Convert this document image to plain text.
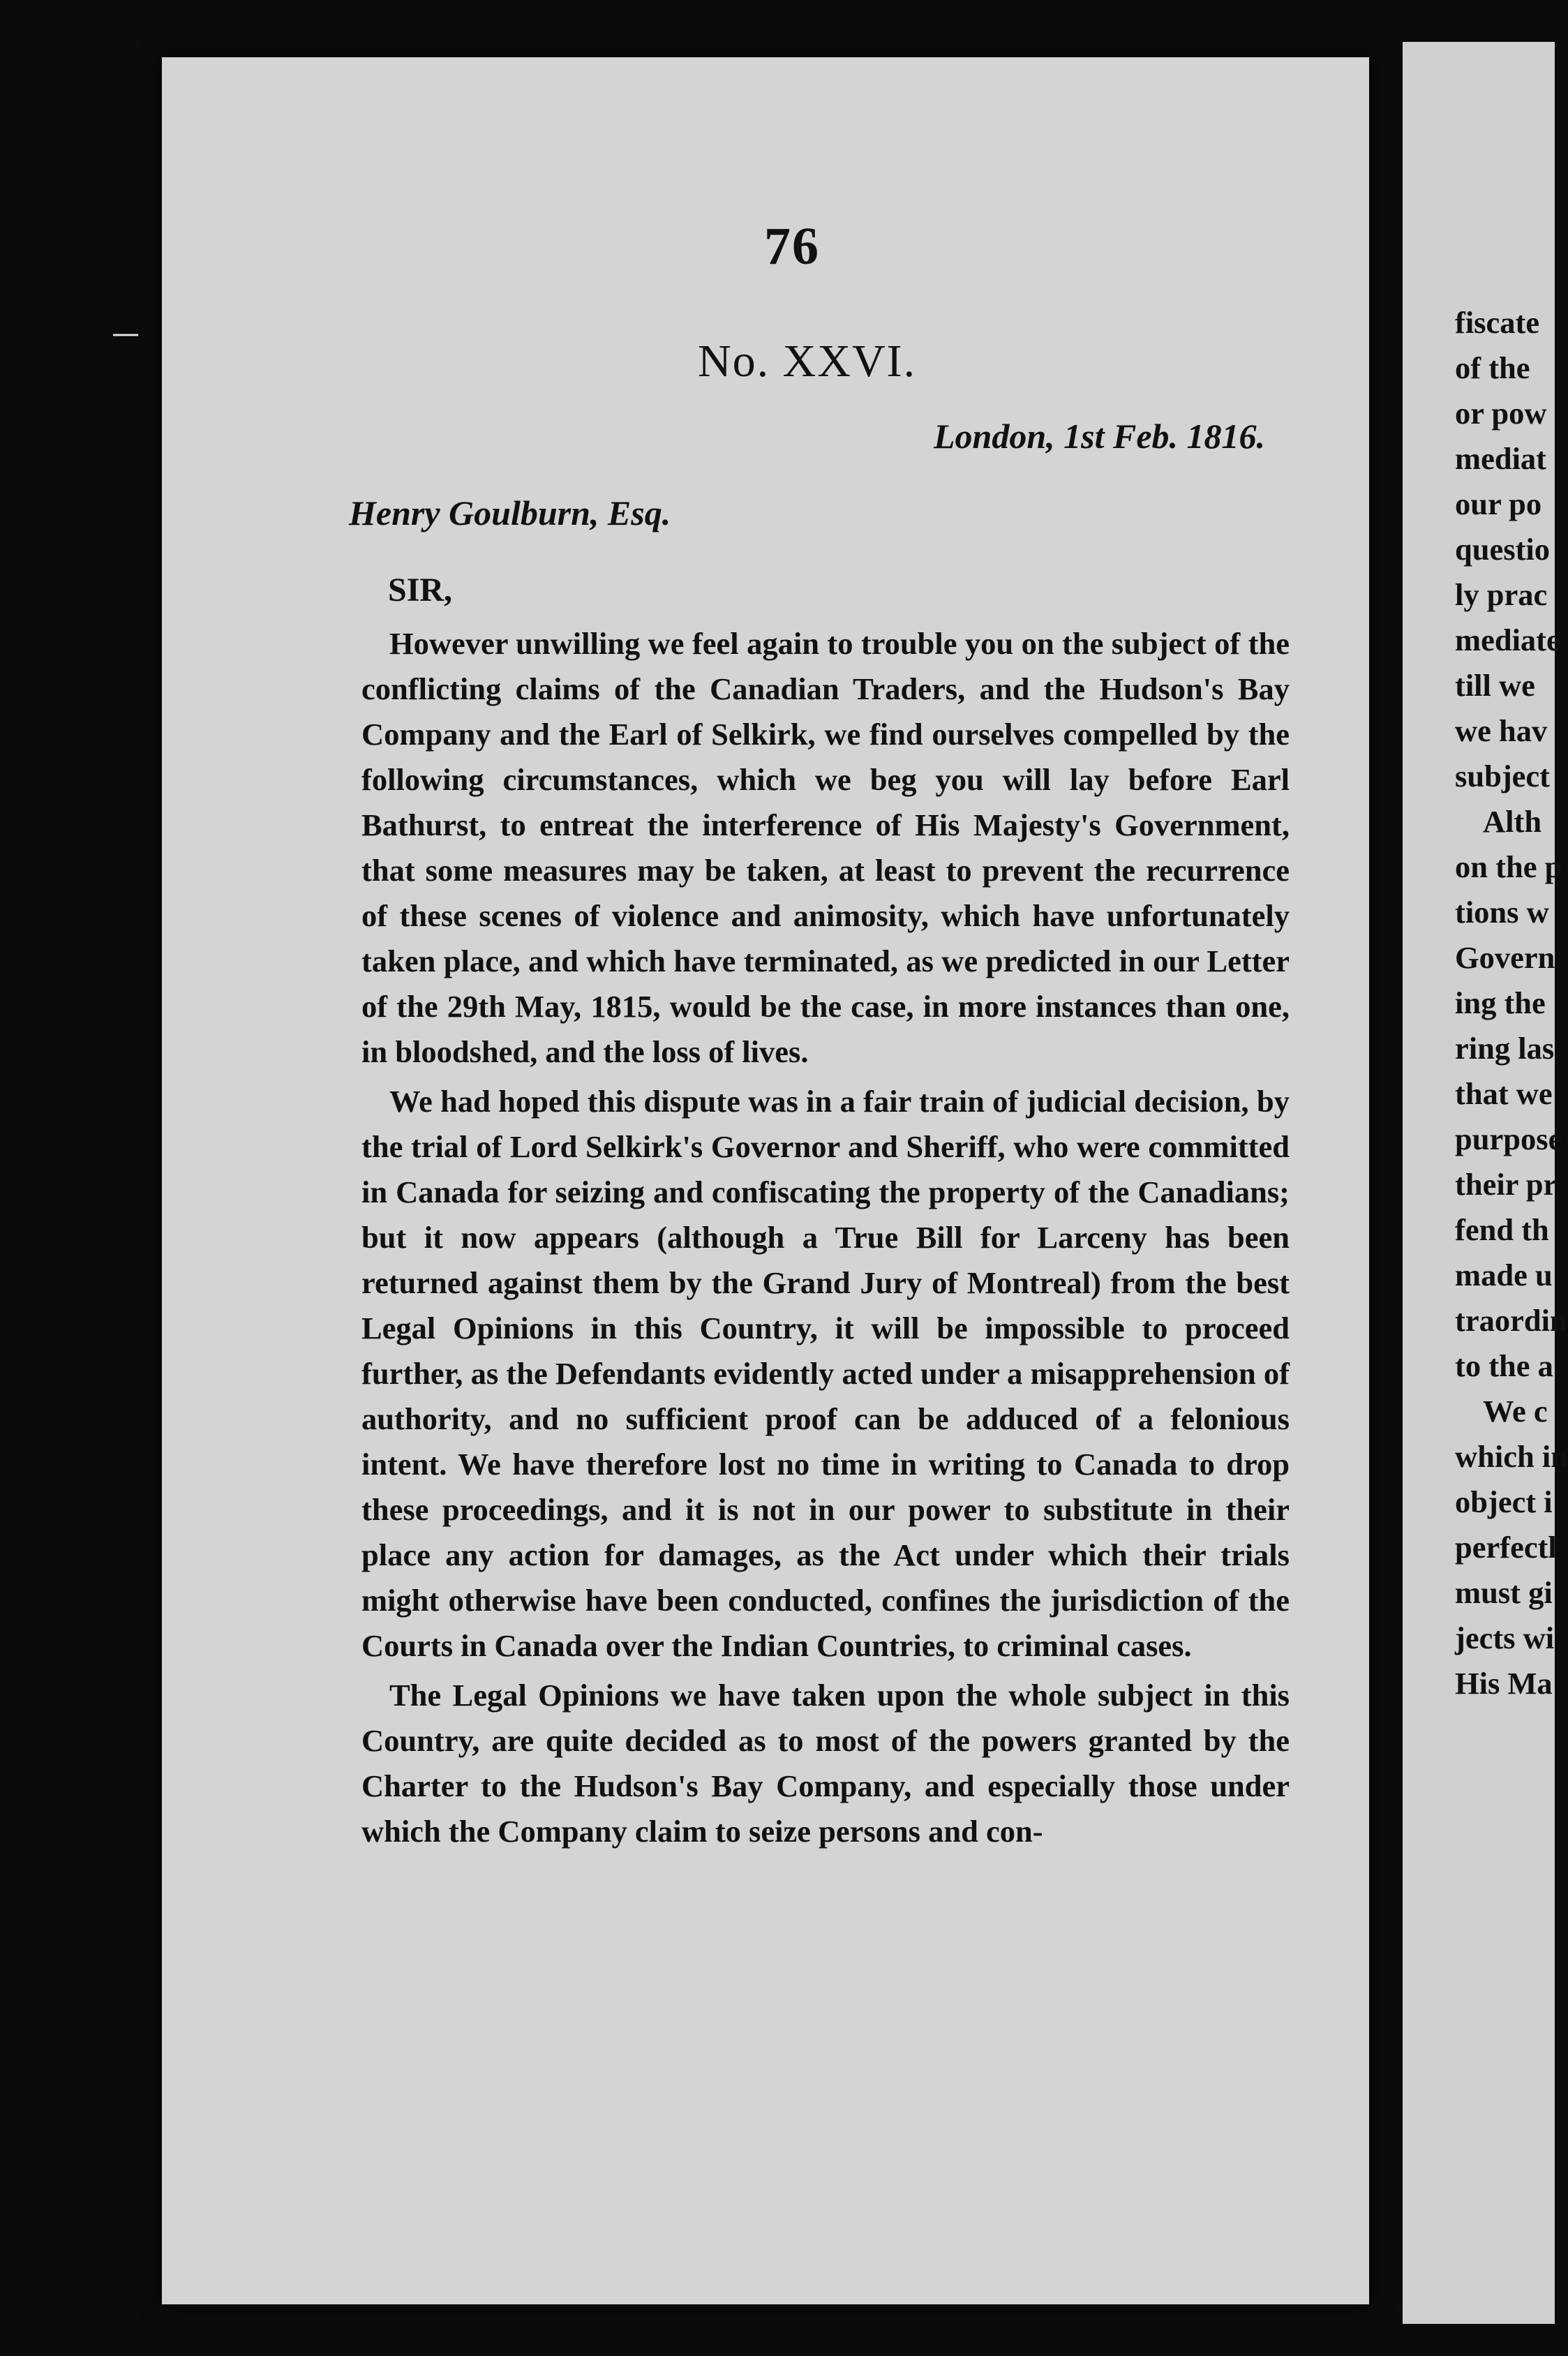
—
76
No. XXVI.
London, 1st Feb. 1816.
Henry Goulburn, Esq.
SIR,

However unwilling we feel again to trouble you on the subject of the conflicting claims of the Canadian Traders, and the Hudson's Bay Company and the Earl of Selkirk, we find ourselves compelled by the following circumstances, which we beg you will lay before Earl Bathurst, to entreat the interference of His Majesty's Government, that some measures may be taken, at least to prevent the recurrence of these scenes of violence and animosity, which have unfortunately taken place, and which have terminated, as we predicted in our Letter of the 29th May, 1815, would be the case, in more instances than one, in bloodshed, and the loss of lives.

We had hoped this dispute was in a fair train of judicial decision, by the trial of Lord Selkirk's Governor and Sheriff, who were committed in Canada for seizing and confiscating the property of the Canadians; but it now appears (although a True Bill for Larceny has been returned against them by the Grand Jury of Montreal) from the best Legal Opinions in this Country, it will be impossible to proceed further, as the Defendants evidently acted under a misapprehension of authority, and no sufficient proof can be adduced of a felonious intent. We have therefore lost no time in writing to Canada to drop these proceedings, and it is not in our power to substitute in their place any action for damages, as the Act under which their trials might otherwise have been conducted, confines the jurisdiction of the Courts in Canada over the Indian Countries, to criminal cases.

The Legal Opinions we have taken upon the whole subject in this Country, are quite decided as to most of the powers granted by the Charter to the Hudson's Bay Company, and especially those under which the Company claim to seize persons and con-

fiscate
of the
or pow
mediat
our po
questio
ly prac
mediate
till we
we hav
subject
Alth
on the p
tions w
Govern
ing the
ring las
that we
purpose
their pr
fend th
made u
traordin
to the a
We c
which in
object i
perfectl
must gi
jects wi
His Ma
